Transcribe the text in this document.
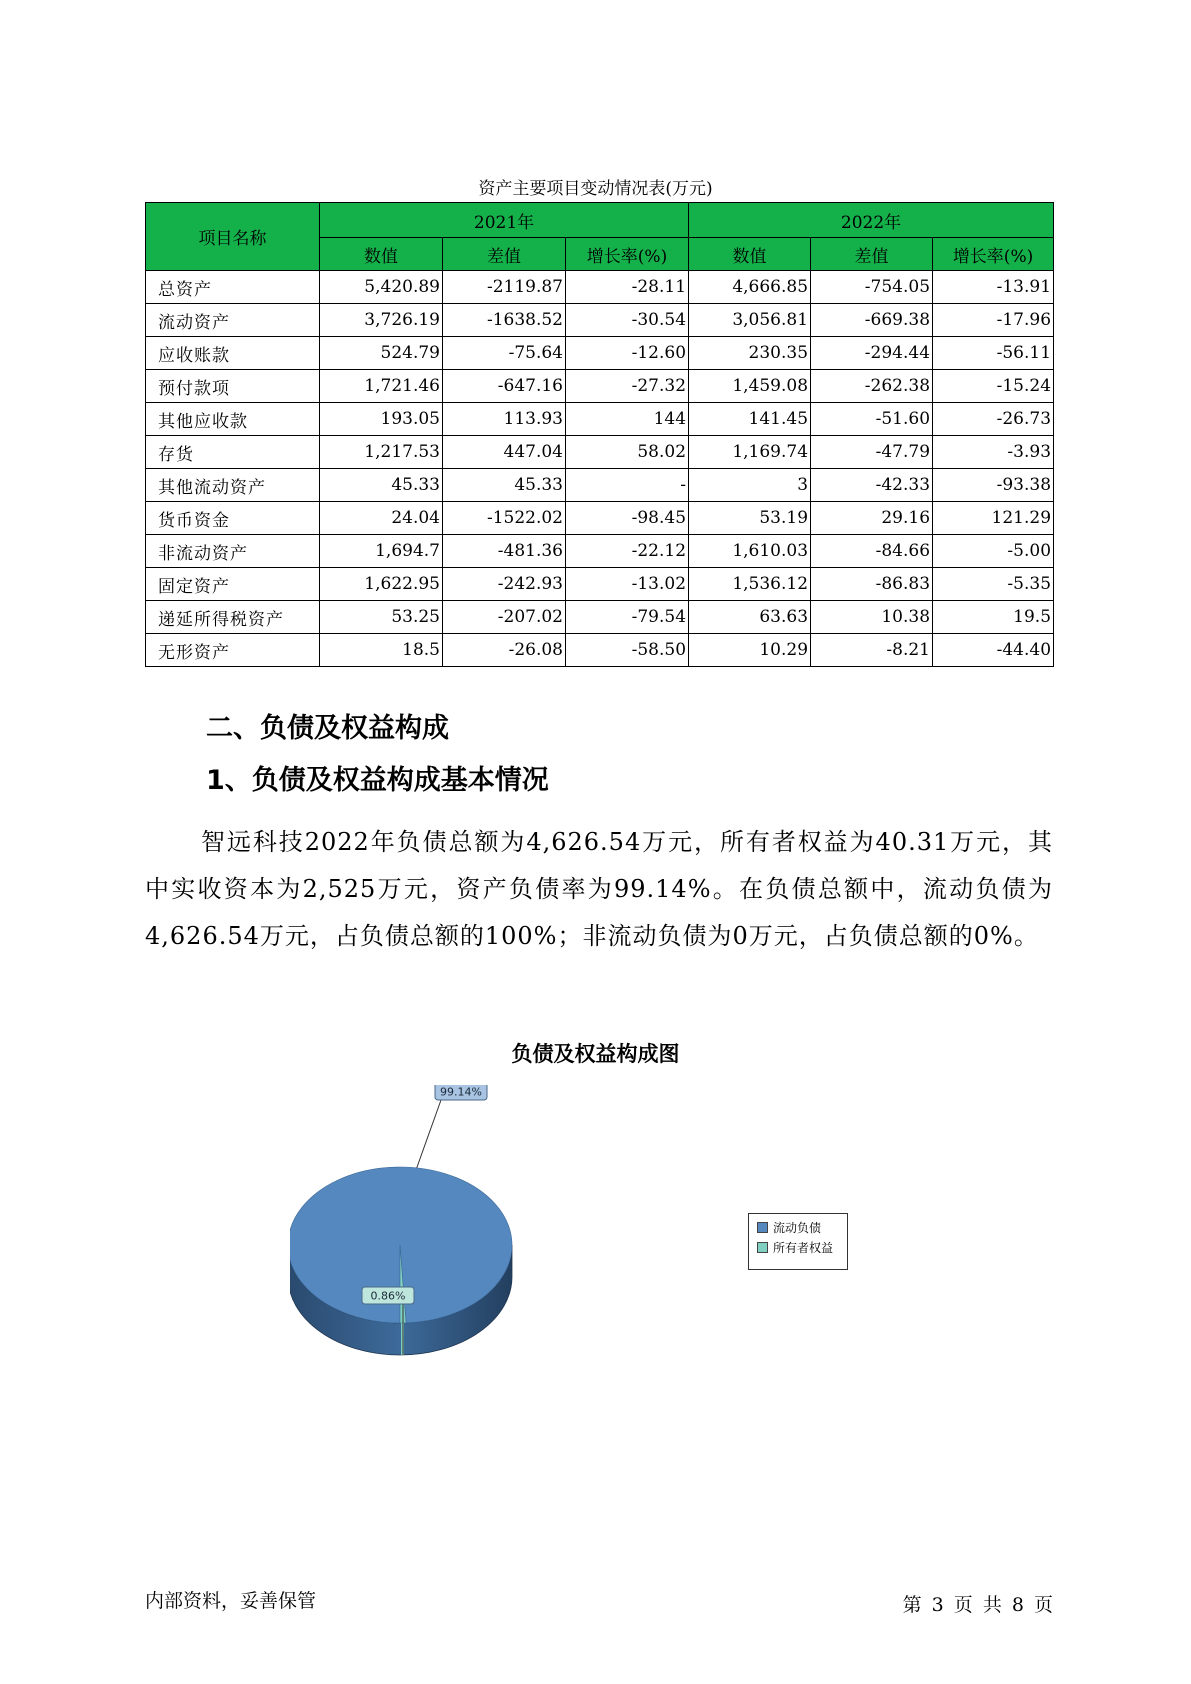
资产主要项目变动情况表(万元)
项目名称	2021年			2022年		
	数值	差值	增长率(%)	数值	差值	增长率(%)
总资产	5,420.89	-2119.87	-28.11	4,666.85	-754.05	-13.91
流动资产	3,726.19	-1638.52	-30.54	3,056.81	-669.38	-17.96
应收账款	524.79	-75.64	-12.60	230.35	-294.44	-56.11
预付款项	1,721.46	-647.16	-27.32	1,459.08	-262.38	-15.24
其他应收款	193.05	113.93	144	141.45	-51.60	-26.73
存货	1,217.53	447.04	58.02	1,169.74	-47.79	-3.93
其他流动资产	45.33	45.33	-	3	-42.33	-93.38
货币资金	24.04	-1522.02	-98.45	53.19	29.16	121.29
非流动资产	1,694.7	-481.36	-22.12	1,610.03	-84.66	-5.00
固定资产	1,622.95	-242.93	-13.02	1,536.12	-86.83	-5.35
递延所得税资产	53.25	-207.02	-79.54	63.63	10.38	19.5
无形资产	18.5	-26.08	-58.50	10.29	-8.21	-44.40
二、负债及权益构成
1、负债及权益构成基本情况
智远科技2022年负债总额为4,626.54万元，所有者权益为40.31万元，其中实收资本为2,525万元，资产负债率为99.14%。在负债总额中，流动负债为4,626.54万元，占负债总额的100%；非流动负债为0万元，占负债总额的0%。
负债及权益构成图
99.14%
0.86%
流动负债
所有者权益
内部资料，妥善保管	第 3 页 共 8 页
